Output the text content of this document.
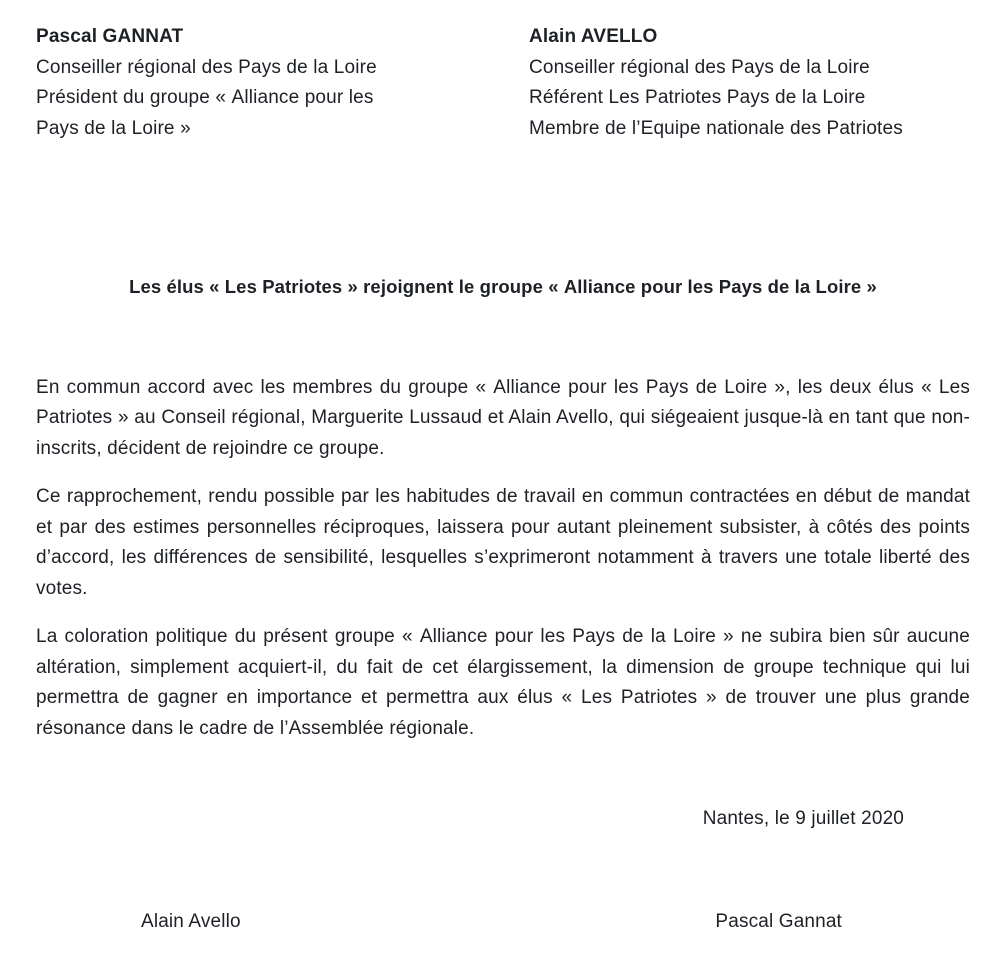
Pascal GANNAT
Conseiller régional des Pays de la Loire
Président du groupe « Alliance pour les Pays de la Loire »
Alain AVELLO
Conseiller régional des Pays de la Loire
Référent Les Patriotes Pays de la Loire
Membre de l’Equipe nationale des Patriotes
Les élus « Les Patriotes » rejoignent le groupe « Alliance pour les Pays de la Loire »

En commun accord avec les membres du groupe « Alliance pour les Pays de Loire », les deux élus « Les Patriotes » au Conseil régional, Marguerite Lussaud et Alain Avello, qui siégeaient jusque-là en tant que non-inscrits, décident de rejoindre ce groupe.

Ce rapprochement, rendu possible par les habitudes de travail en commun contractées en début de mandat et par des estimes personnelles réciproques, laissera pour autant pleinement subsister, à côtés des points d’accord, les différences de sensibilité, lesquelles s’exprimeront notamment à travers une totale liberté des votes.

La coloration politique du présent groupe « Alliance pour les Pays de la Loire » ne subira bien sûr aucune altération, simplement acquiert-il, du fait de cet élargissement, la dimension de groupe technique qui lui permettra de gagner en importance et permettra aux élus « Les Patriotes » de trouver une plus grande résonance dans le cadre de l’Assemblée régionale.

Nantes, le 9 juillet 2020
Alain Avello	Pascal Gannat
